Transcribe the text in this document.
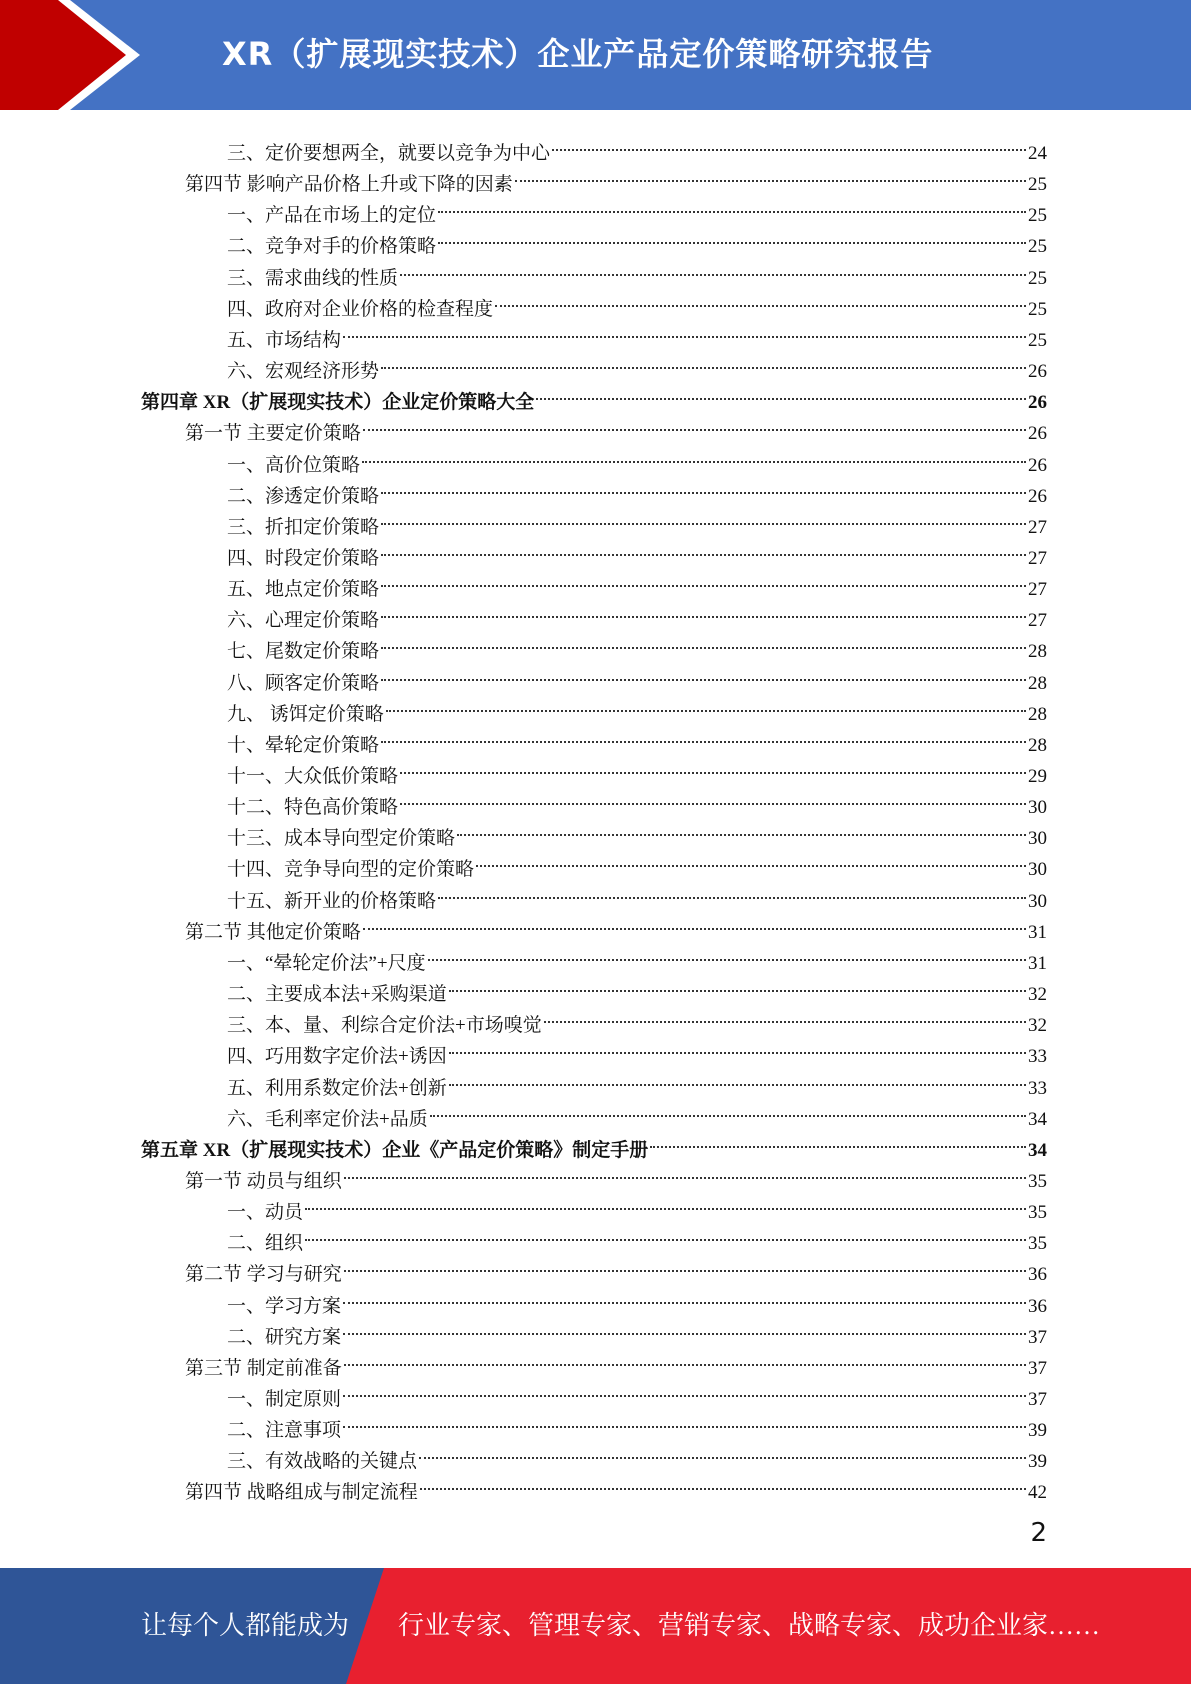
XR（扩展现实技术）企业产品定价策略研究报告
三、定价要想两全，就要以竞争为中心	24
第四节 影响产品价格上升或下降的因素	25
一、产品在市场上的定位	25
二、竞争对手的价格策略	25
三、需求曲线的性质	25
四、政府对企业价格的检查程度	25
五、市场结构	25
六、宏观经济形势	26
第四章 XR（扩展现实技术）企业定价策略大全	26
第一节 主要定价策略	26
一、高价位策略	26
二、渗透定价策略	26
三、折扣定价策略	27
四、时段定价策略	27
五、地点定价策略	27
六、心理定价策略	27
七、尾数定价策略	28
八、顾客定价策略	28
九、 诱饵定价策略	28
十、晕轮定价策略	28
十一、大众低价策略	29
十二、特色高价策略	30
十三、成本导向型定价策略	30
十四、竞争导向型的定价策略	30
十五、新开业的价格策略	30
第二节 其他定价策略	31
一、“晕轮定价法”+尺度	31
二、主要成本法+采购渠道	32
三、本、量、利综合定价法+市场嗅觉	32
四、巧用数字定价法+诱因	33
五、利用系数定价法+创新	33
六、毛利率定价法+品质	34
第五章 XR（扩展现实技术）企业《产品定价策略》制定手册	34
第一节 动员与组织	35
一、动员	35
二、组织	35
第二节 学习与研究	36
一、学习方案	36
二、研究方案	37
第三节 制定前准备	37
一、制定原则	37
二、注意事项	39
三、有效战略的关键点	39
第四节 战略组成与制定流程	42
2
让每个人都能成为 行业专家、管理专家、营销专家、战略专家、成功企业家……
